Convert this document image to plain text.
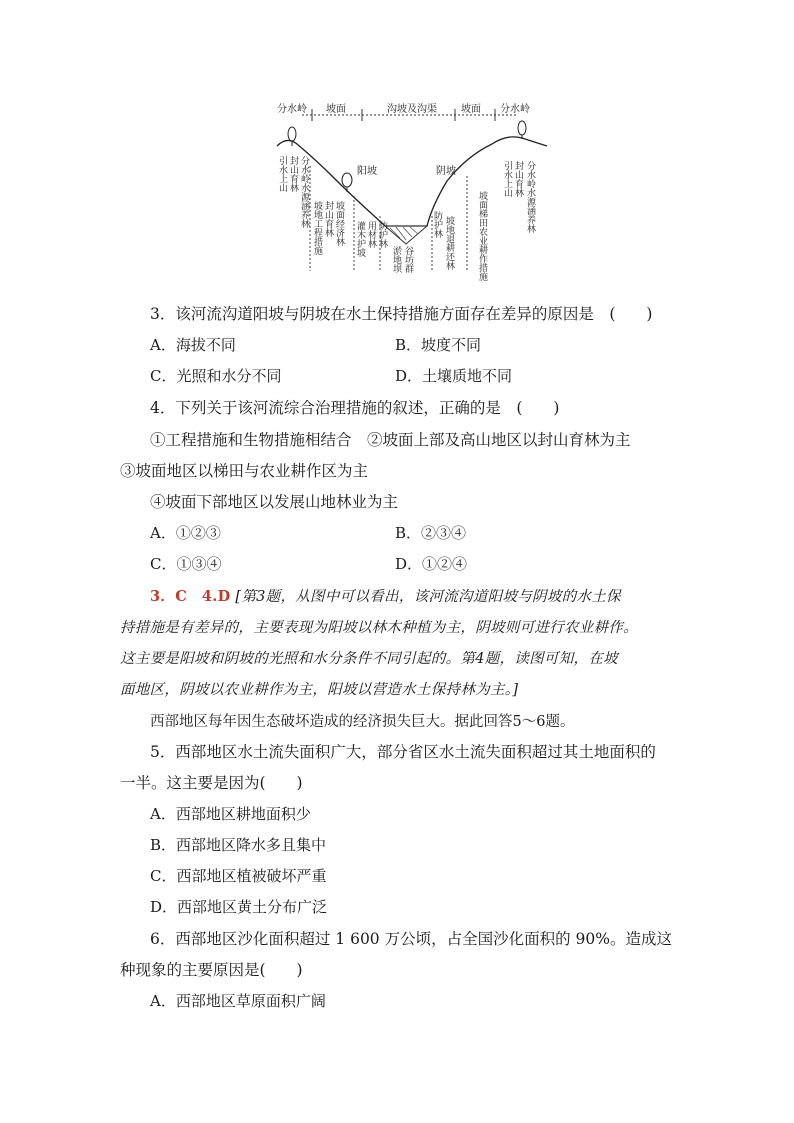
分水岭 坡面	沟坡及沟渠 坡面 分水岭
阳坡	阴坡
引水上山 封山育林 分水岭水源涵养林 坡地工程措施 封山育林 坡面经济林 灌木护坡 用材林 防护林
淤地坝 谷坊群
防护林 坡地退耕还林	坡面梯田农业耕作措施
引水上山 封山育林 分水岭水源涵养林
3．该河流沟道阳坡与阴坡在水土保持措施方面存在差异的原因是　(　　)
A．海拔不同	B．坡度不同
C．光照和水分不同	D．土壤质地不同
4．下列关于该河流综合治理措施的叙述，正确的是　(　　)
①工程措施和生物措施相结合　②坡面上部及高山地区以封山育林为主
③坡面地区以梯田与农业耕作区为主
④坡面下部地区以发展山地林业为主
A．①②③	B．②③④
C．①③④	D．①②④
3．C　4.D [第3题，从图中可以看出，该河流沟道阳坡与阴坡的水土保
持措施是有差异的，主要表现为阳坡以林木种植为主，阴坡则可进行农业耕作。
这主要是阳坡和阴坡的光照和水分条件不同引起的。第4题，读图可知，在坡
面地区，阴坡以农业耕作为主，阳坡以营造水土保持林为主。]
西部地区每年因生态破坏造成的经济损失巨大。据此回答5～6题。
5．西部地区水土流失面积广大，部分省区水土流失面积超过其土地面积的
一半。这主要是因为(　　)
A．西部地区耕地面积少
B．西部地区降水多且集中
C．西部地区植被破坏严重
D．西部地区黄土分布广泛
6．西部地区沙化面积超过 1 600 万公顷，占全国沙化面积的 90%。造成这
种现象的主要原因是(　　)
A．西部地区草原面积广阔
